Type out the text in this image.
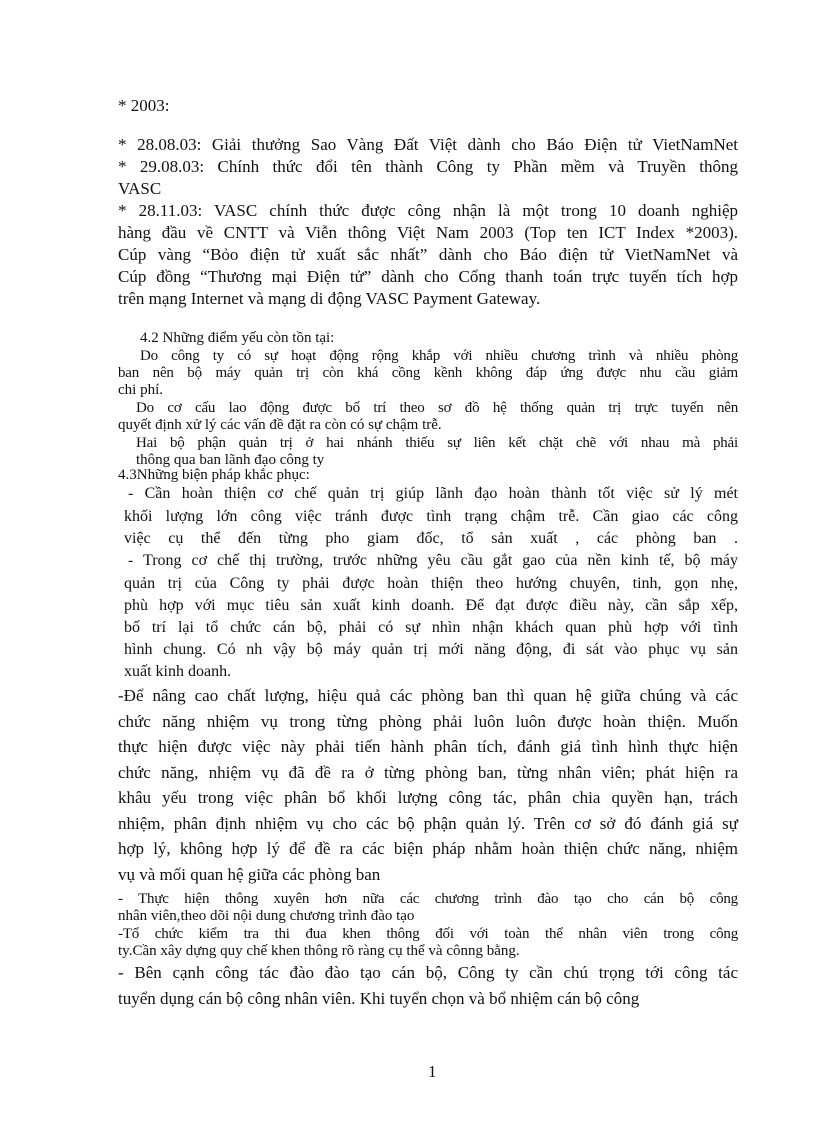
* 2003:
* 28.08.03: Giải thưởng Sao Vàng Đất Việt dành cho Báo Điện tử VietNamNet
* 29.08.03: Chính thức đổi tên thành Công ty Phần mềm và Truyền thông
VASC
* 28.11.03: VASC chính thức được công nhận là một trong 10 doanh nghiệp
hàng đầu về CNTT và Viễn thông Việt Nam 2003 (Top ten ICT Index *2003).
Cúp vàng “Bỏo điện tử xuất sắc nhất” dành cho Báo điện tử VietNamNet và
Cúp đồng “Thương mại Điện tử” dành cho Cổng thanh toán trực tuyến tích hợp
trên mạng Internet và mạng di động VASC Payment Gateway.
4.2 Những điểm yếu còn tồn tại:
Do công ty có sự hoạt động rộng khắp với nhiều chương trình và nhiều phòng
ban nên bộ máy quản trị còn khá cồng kềnh không đáp ứng được nhu cầu giảm
chi phí.
Do cơ cấu lao động được bố trí theo sơ đồ hệ thống quản trị trực tuyến nên
quyết định xử lý các vấn đề đặt ra còn có sự chậm trễ.
Hai bộ phận quản trị ở hai nhánh thiếu sự liên kết chặt chẽ với nhau mà phải
thông qua ban lãnh đạo công ty
4.3Những biện pháp khắc phục:
- Cần hoàn thiện cơ chế quản trị giúp lãnh đạo hoàn thành tốt việc sử lý mét
khối lượng lớn công việc tránh được tình trạng chậm trễ. Cần giao các công
việc cụ thể đến từng pho giam đốc, tổ sản xuất , các phòng ban .
- Trong cơ chế thị trường, trước những yêu cầu gắt gao của nền kinh tế, bộ máy
quản trị của Công ty phải được hoàn thiện theo hướng chuyên, tinh, gọn nhẹ,
phù hợp với mục tiêu sản xuất kinh doanh. Để đạt được điều này, cần sắp xếp,
bố trí lại tổ chức cán bộ, phải có sự nhìn nhận khách quan phù hợp với tình
hình chung. Có nh vậy bộ máy quản trị mới năng động, đi sát vào phục vụ sản
xuất kinh doanh.
-Để nâng cao chất lượng, hiệu quả các phòng ban thì quan hệ giữa chúng và các
chức năng nhiệm vụ trong từng phòng phải luôn luôn được hoàn thiện. Muốn
thực hiện được việc này phải tiến hành phân tích, đánh giá tình hình thực hiện
chức năng, nhiệm vụ đã đề ra ở từng phòng ban, từng nhân viên; phát hiện ra
khâu yếu trong việc phân bổ khối lượng công tác, phân chia quyền hạn, trách
nhiệm, phân định nhiệm vụ cho các bộ phận quản lý. Trên cơ sở đó đánh giá sự
hợp lý, không hợp lý để đề ra các biện pháp nhằm hoàn thiện chức năng, nhiệm
vụ và mối quan hệ giữa các phòng ban
- Thực hiện thông xuyên hơn nữa các chương trình đào tạo cho cán bộ công
nhân viên,theo dõi nội dung chương trình đào tạo
-Tổ chức kiểm tra thi đua khen thông đối với toàn thể nhân viên trong công
ty.Cần xây dựng quy chế khen thông rõ ràng cụ thể và cônng bằng.
- Bên cạnh công tác đào đào tạo cán bộ, Công ty cần chú trọng tới công tác
tuyển dụng cán bộ công nhân viên. Khi tuyển chọn và bổ nhiệm cán bộ công
1
